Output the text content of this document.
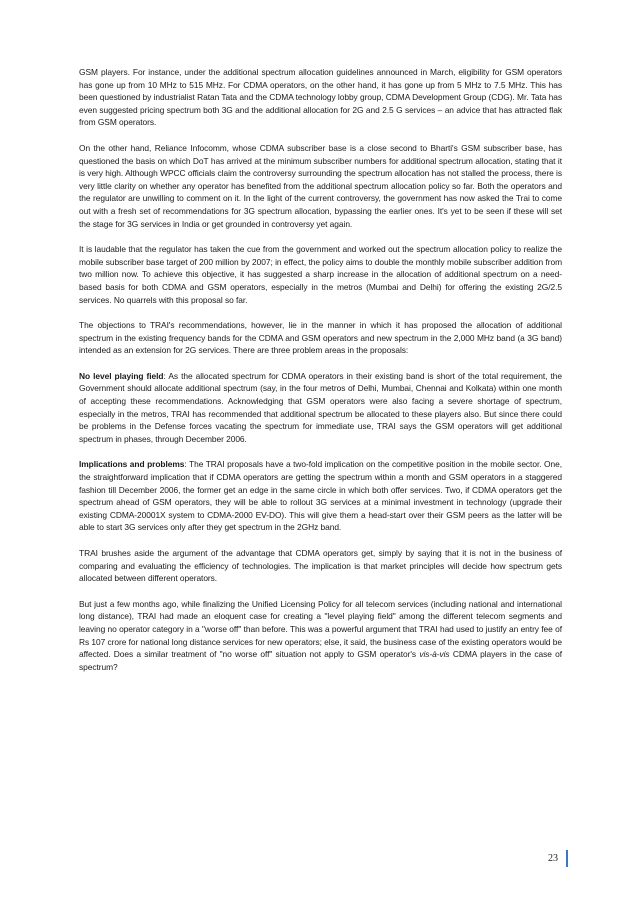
GSM players. For instance, under the additional spectrum allocation guidelines announced in March, eligibility for GSM operators has gone up from 10 MHz to 515 MHz. For CDMA operators, on the other hand, it has gone up from 5 MHz to 7.5 MHz. This has been questioned by industrialist Ratan Tata and the CDMA technology lobby group, CDMA Development Group (CDG). Mr. Tata has even suggested pricing spectrum both 3G and the additional allocation for 2G and 2.5 G services – an advice that has attracted flak from GSM operators.

On the other hand, Reliance Infocomm, whose CDMA subscriber base is a close second to Bharti's GSM subscriber base, has questioned the basis on which DoT has arrived at the minimum subscriber numbers for additional spectrum allocation, stating that it is very high. Although WPCC officials claim the controversy surrounding the spectrum allocation has not stalled the process, there is very little clarity on whether any operator has benefited from the additional spectrum allocation policy so far. Both the operators and the regulator are unwilling to comment on it. In the light of the current controversy, the government has now asked the Trai to come out with a fresh set of recommendations for 3G spectrum allocation, bypassing the earlier ones. It's yet to be seen if these will set the stage for 3G services in India or get grounded in controversy yet again.

It is laudable that the regulator has taken the cue from the government and worked out the spectrum allocation policy to realize the mobile subscriber base target of 200 million by 2007; in effect, the policy aims to double the monthly mobile subscriber addition from two million now. To achieve this objective, it has suggested a sharp increase in the allocation of additional spectrum on a need-based basis for both CDMA and GSM operators, especially in the metros (Mumbai and Delhi) for offering the existing 2G/2.5 services. No quarrels with this proposal so far.

The objections to TRAI's recommendations, however, lie in the manner in which it has proposed the allocation of additional spectrum in the existing frequency bands for the CDMA and GSM operators and new spectrum in the 2,000 MHz band (a 3G band) intended as an extension for 2G services. There are three problem areas in the proposals:

No level playing field: As the allocated spectrum for CDMA operators in their existing band is short of the total requirement, the Government should allocate additional spectrum (say, in the four metros of Delhi, Mumbai, Chennai and Kolkata) within one month of accepting these recommendations. Acknowledging that GSM operators were also facing a severe shortage of spectrum, especially in the metros, TRAI has recommended that additional spectrum be allocated to these players also. But since there could be problems in the Defense forces vacating the spectrum for immediate use, TRAI says the GSM operators will get additional spectrum in phases, through December 2006.

Implications and problems: The TRAI proposals have a two-fold implication on the competitive position in the mobile sector. One, the straightforward implication that if CDMA operators are getting the spectrum within a month and GSM operators in a staggered fashion till December 2006, the former get an edge in the same circle in which both offer services. Two, if CDMA operators get the spectrum ahead of GSM operators, they will be able to rollout 3G services at a minimal investment in technology (upgrade their existing CDMA-20001X system to CDMA-2000 EV-DO). This will give them a head-start over their GSM peers as the latter will be able to start 3G services only after they get spectrum in the 2GHz band.

TRAI brushes aside the argument of the advantage that CDMA operators get, simply by saying that it is not in the business of comparing and evaluating the efficiency of technologies. The implication is that market principles will decide how spectrum gets allocated between different operators.

But just a few months ago, while finalizing the Unified Licensing Policy for all telecom services (including national and international long distance), TRAI had made an eloquent case for creating a "level playing field" among the different telecom segments and leaving no operator category in a "worse off" than before. This was a powerful argument that TRAI had used to justify an entry fee of Rs 107 crore for national long distance services for new operators; else, it said, the business case of the existing operators would be affected. Does a similar treatment of "no worse off" situation not apply to GSM operator's vis-à-vis CDMA players in the case of spectrum?

23
